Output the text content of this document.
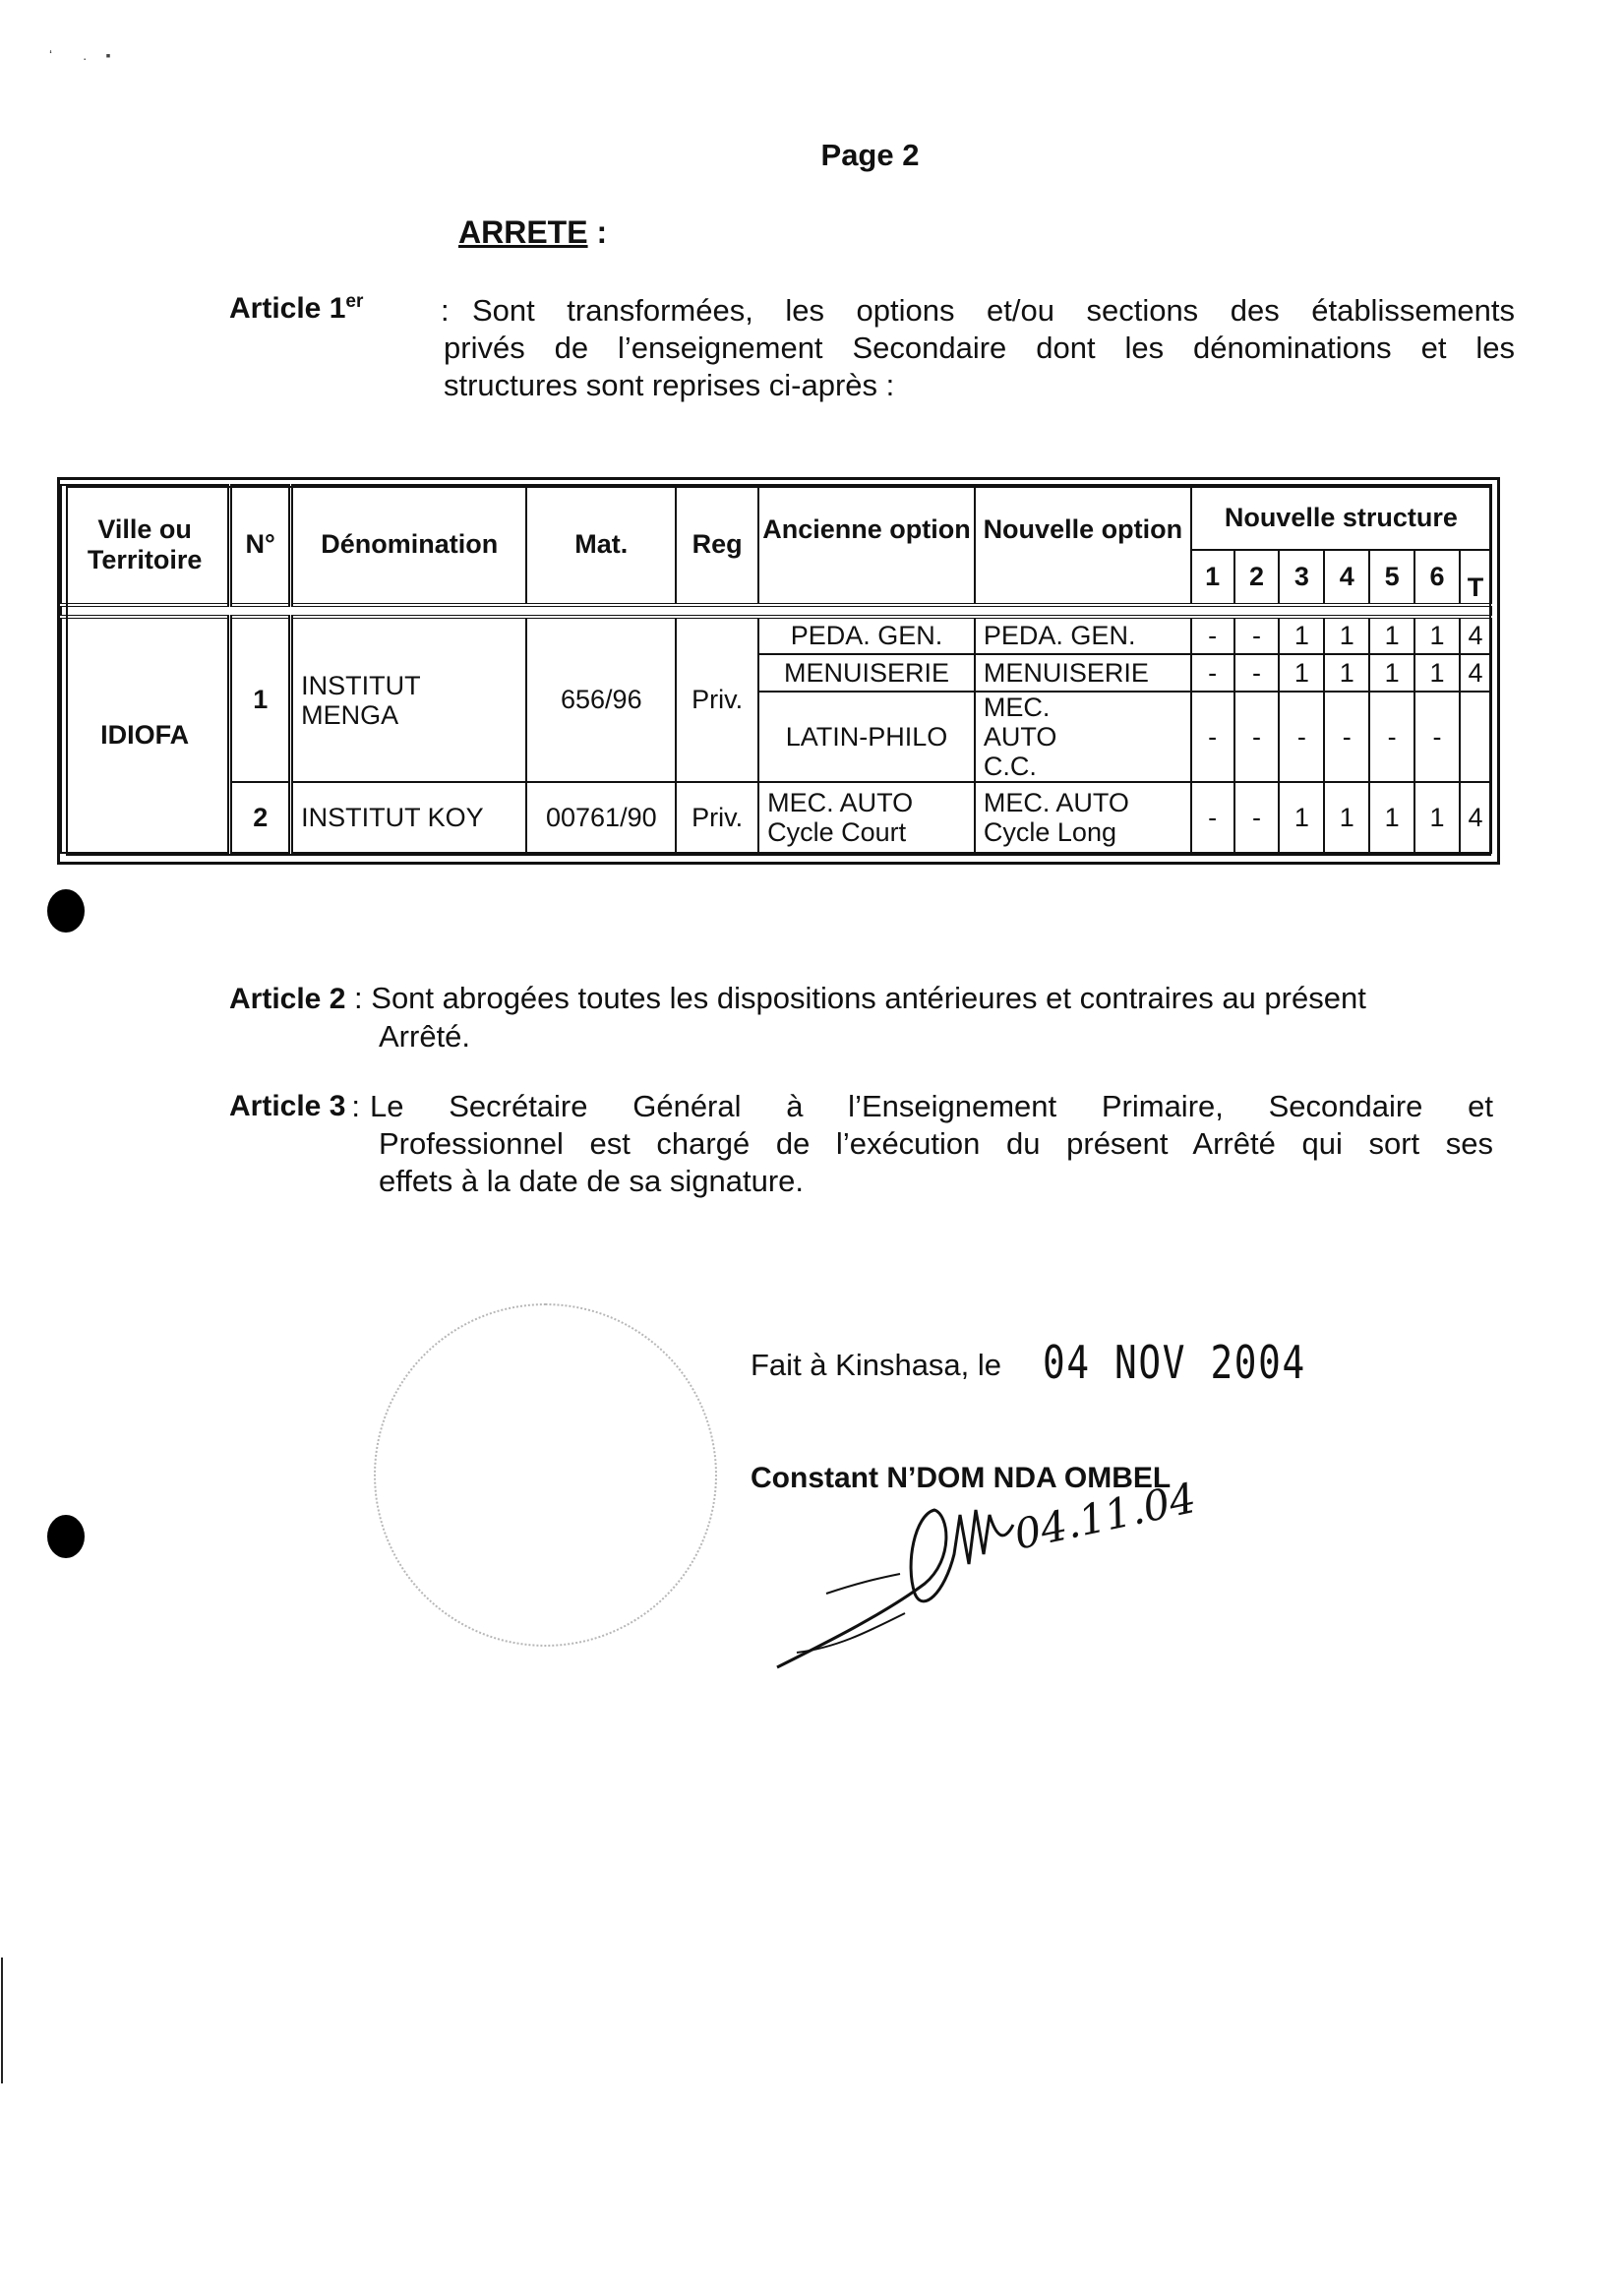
ʻ        .     ▪
Page 2
ARRETE :
Article 1er	: Sont transformées, les options et/ou sections des établissements
privés de l’enseignement Secondaire dont les dénominations et les
structures sont reprises ci-après :
Ville ou Territoire	N°	Dénomination	Mat.	Reg	Ancienne option	Nouvelle option	Nouvelle structure						
							1	2	3	4	5	6	T

IDIOFA	1	INSTITUT MENGA	656/96	Priv.	PEDA. GEN.	PEDA. GEN.	-	-	1	1	1	1	4
					MENUISERIE	MENUISERIE	-	-	1	1	1	1	4
					LATIN-PHILO	MEC. AUTO C.C.	-	-	-	-	-	-	
	2	INSTITUT KOY	00761/90	Priv.	MEC. AUTO Cycle Court	MEC. AUTO Cycle Long	-	-	1	1	1	1	4
Article 2 : Sont abrogées toutes les dispositions antérieures et contraires au présent
Arrêté.
Article 3 : Le Secrétaire Général à l’Enseignement Primaire, Secondaire et
Professionnel est chargé de l’exécution du présent Arrêté qui sort ses
effets à la date de sa signature.
Fait à Kinshasa, le 04 NOV 2004
Constant N’DOM NDA OMBEL
04.11.04
